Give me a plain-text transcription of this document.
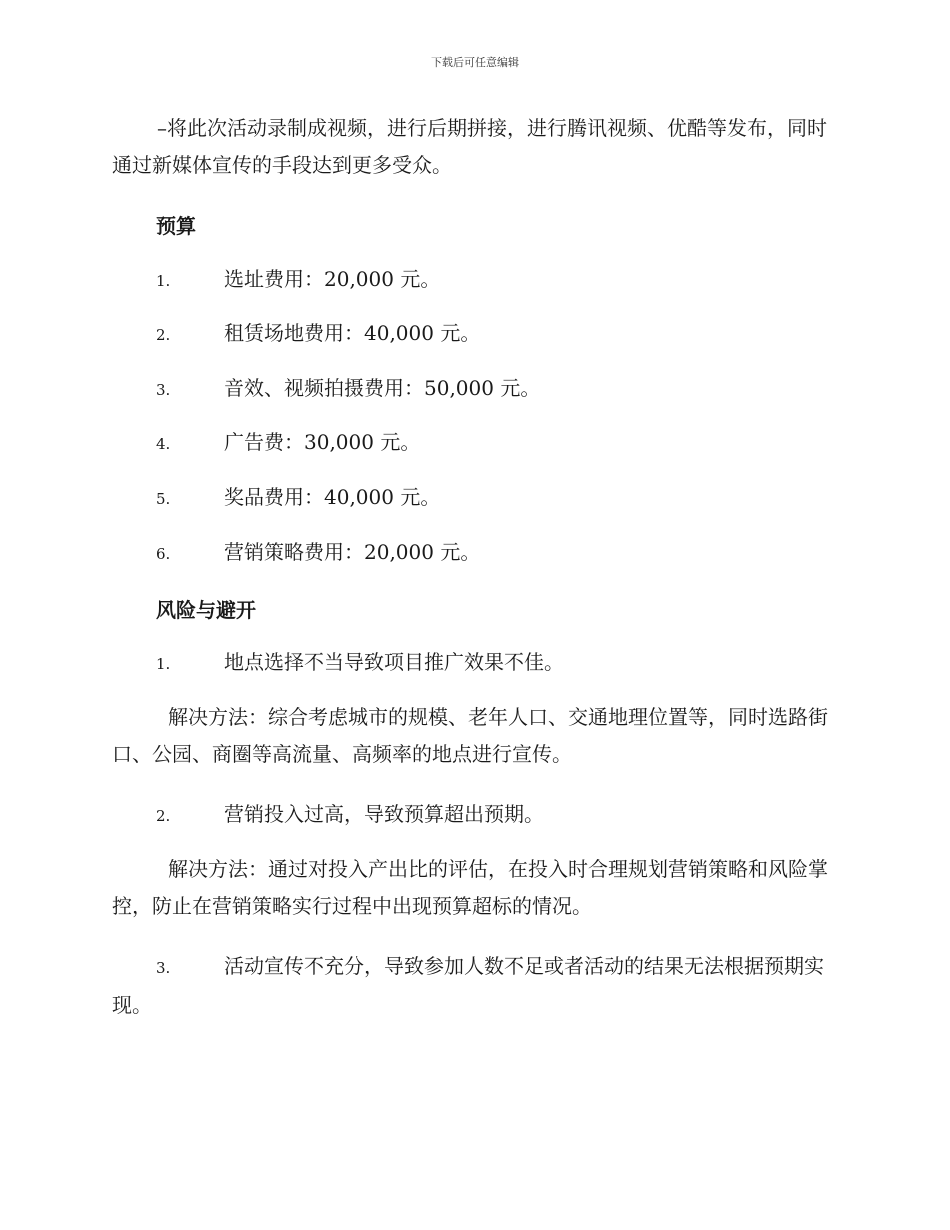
下载后可任意编辑

–将此次活动录制成视频，进行后期拼接，进行腾讯视频、优酷等发布，同时通过新媒体宣传的手段达到更多受众。

预算
1.	选址费用：20,000 元。
2.	租赁场地费用：40,000 元。
3.	音效、视频拍摄费用：50,000 元。
4.	广告费：30,000 元。
5.	奖品费用：40,000 元。
6.	营销策略费用：20,000 元。
风险与避开
1.	地点选择不当导致项目推广效果不佳。

解决方法：综合考虑城市的规模、老年人口、交通地理位置等，同时选路街口、公园、商圈等高流量、高频率的地点进行宣传。

2.	营销投入过高，导致预算超出预期。

解决方法：通过对投入产出比的评估，在投入时合理规划营销策略和风险掌控，防止在营销策略实行过程中出现预算超标的情况。

3.	活动宣传不充分，导致参加人数不足或者活动的结果无法根据预期实现。
